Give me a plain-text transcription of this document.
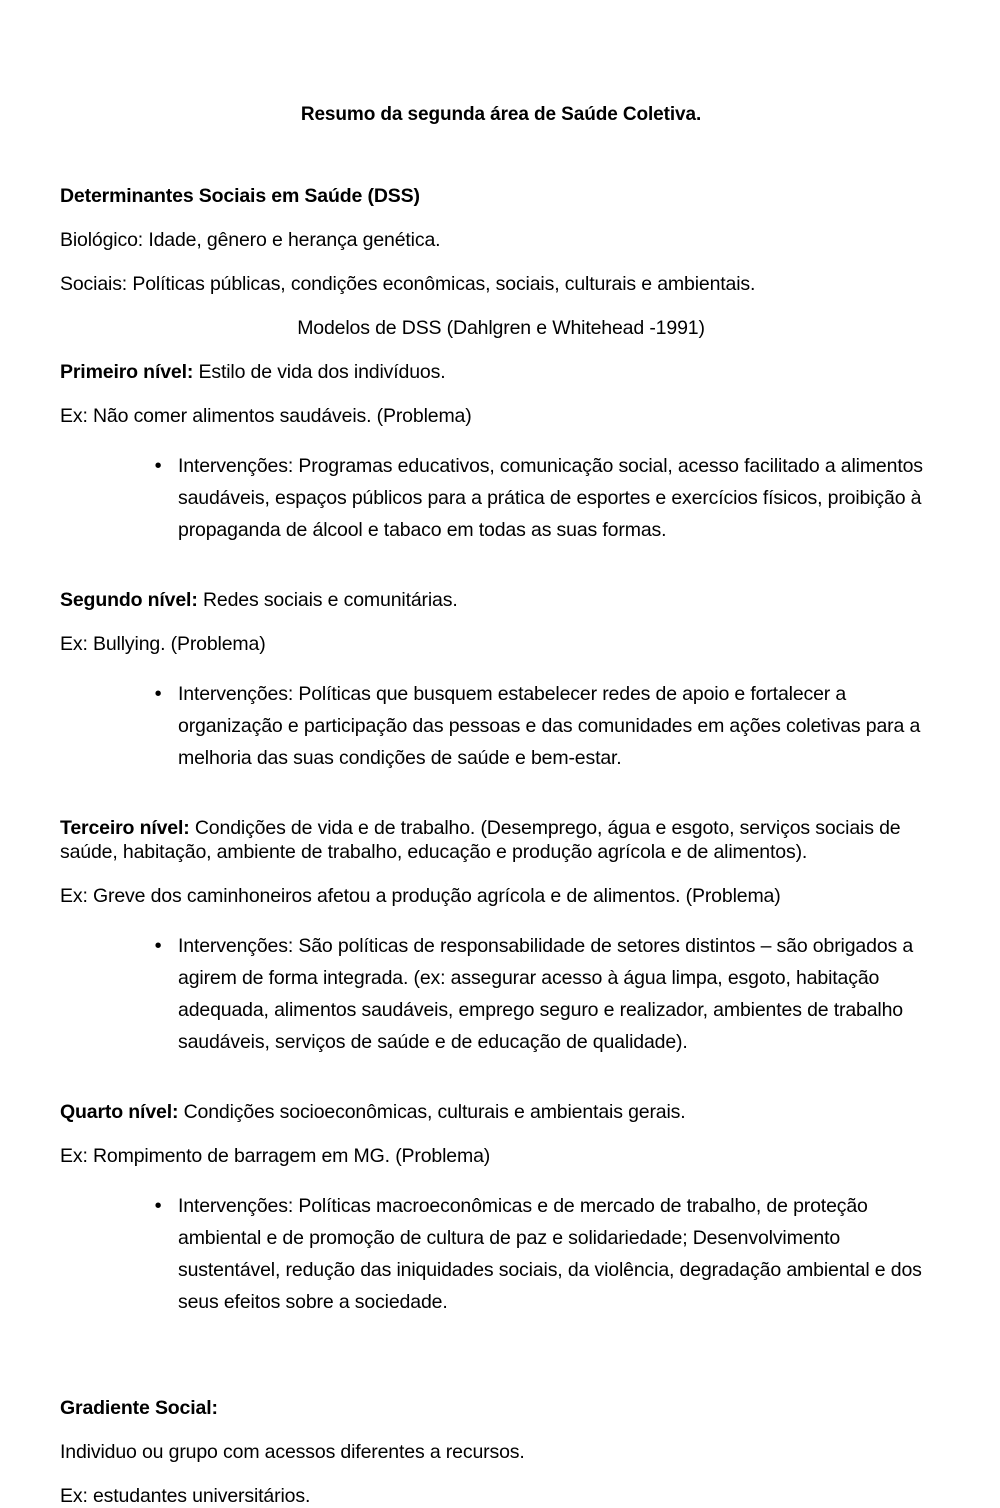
Resumo da segunda área de Saúde Coletiva.

Determinantes Sociais em Saúde (DSS)

Biológico: Idade, gênero e herança genética.

Sociais: Políticas públicas, condições econômicas, sociais, culturais e ambientais.

Modelos de DSS (Dahlgren e Whitehead -1991)

Primeiro nível: Estilo de vida dos indivíduos.

Ex: Não comer alimentos saudáveis. (Problema)

• Intervenções: Programas educativos, comunicação social, acesso facilitado a alimentos saudáveis, espaços públicos para a prática de esportes e exercícios físicos, proibição à propaganda de álcool e tabaco em todas as suas formas.

Segundo nível: Redes sociais e comunitárias.

Ex: Bullying. (Problema)

• Intervenções: Políticas que busquem estabelecer redes de apoio e fortalecer a organização e participação das pessoas e das comunidades em ações coletivas para a melhoria das suas condições de saúde e bem-estar.

Terceiro nível: Condições de vida e de trabalho. (Desemprego, água e esgoto, serviços sociais de saúde, habitação, ambiente de trabalho, educação e produção agrícola e de alimentos).

Ex: Greve dos caminhoneiros afetou a produção agrícola e de alimentos. (Problema)

• Intervenções: São políticas de responsabilidade de setores distintos – são obrigados a agirem de forma integrada. (ex: assegurar acesso à água limpa, esgoto, habitação adequada, alimentos saudáveis, emprego seguro e realizador, ambientes de trabalho saudáveis, serviços de saúde e de educação de qualidade).

Quarto nível: Condições socioeconômicas, culturais e ambientais gerais.

Ex: Rompimento de barragem em MG. (Problema)

• Intervenções: Políticas macroeconômicas e de mercado de trabalho, de proteção ambiental e de promoção de cultura de paz e solidariedade; Desenvolvimento sustentável, redução das iniquidades sociais, da violência, degradação ambiental e dos seus efeitos sobre a sociedade.

Gradiente Social:

Individuo ou grupo com acessos diferentes a recursos.

Ex: estudantes universitários.
